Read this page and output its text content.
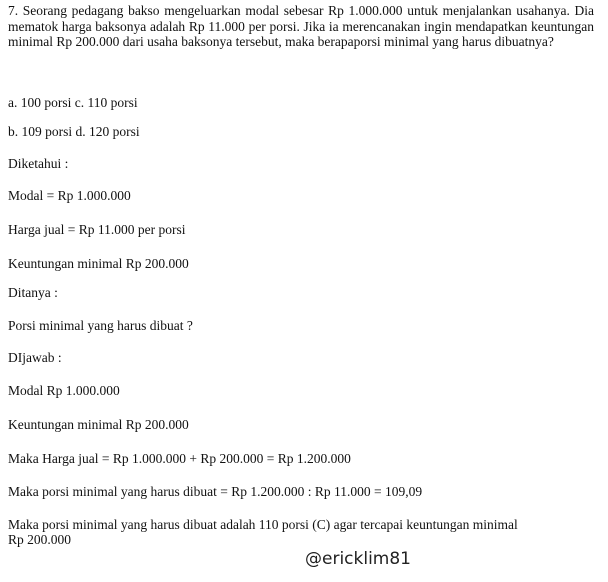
7. Seorang pedagang bakso mengeluarkan modal sebesar Rp 1.000.000 untuk menjalankan usahanya. Dia mematok harga baksonya adalah Rp 11.000 per porsi. Jika ia merencanakan ingin mendapatkan keuntungan minimal Rp 200.000 dari usaha baksonya tersebut, maka berapaporsi minimal yang harus dibuatnya?

a. 100 porsi c. 110 porsi

b. 109 porsi d. 120 porsi

Diketahui :

Modal = Rp 1.000.000

Harga jual = Rp 11.000 per porsi

Keuntungan minimal Rp 200.000

Ditanya :

Porsi minimal yang harus dibuat ?

DIjawab :

Modal Rp 1.000.000

Keuntungan minimal Rp 200.000

Maka Harga jual = Rp 1.000.000 + Rp 200.000 = Rp 1.200.000

Maka porsi minimal yang harus dibuat = Rp 1.200.000 : Rp 11.000 = 109,09

Maka porsi minimal yang harus dibuat adalah 110 porsi (C) agar tercapai keuntungan minimal

Rp 200.000

@ericklim81
